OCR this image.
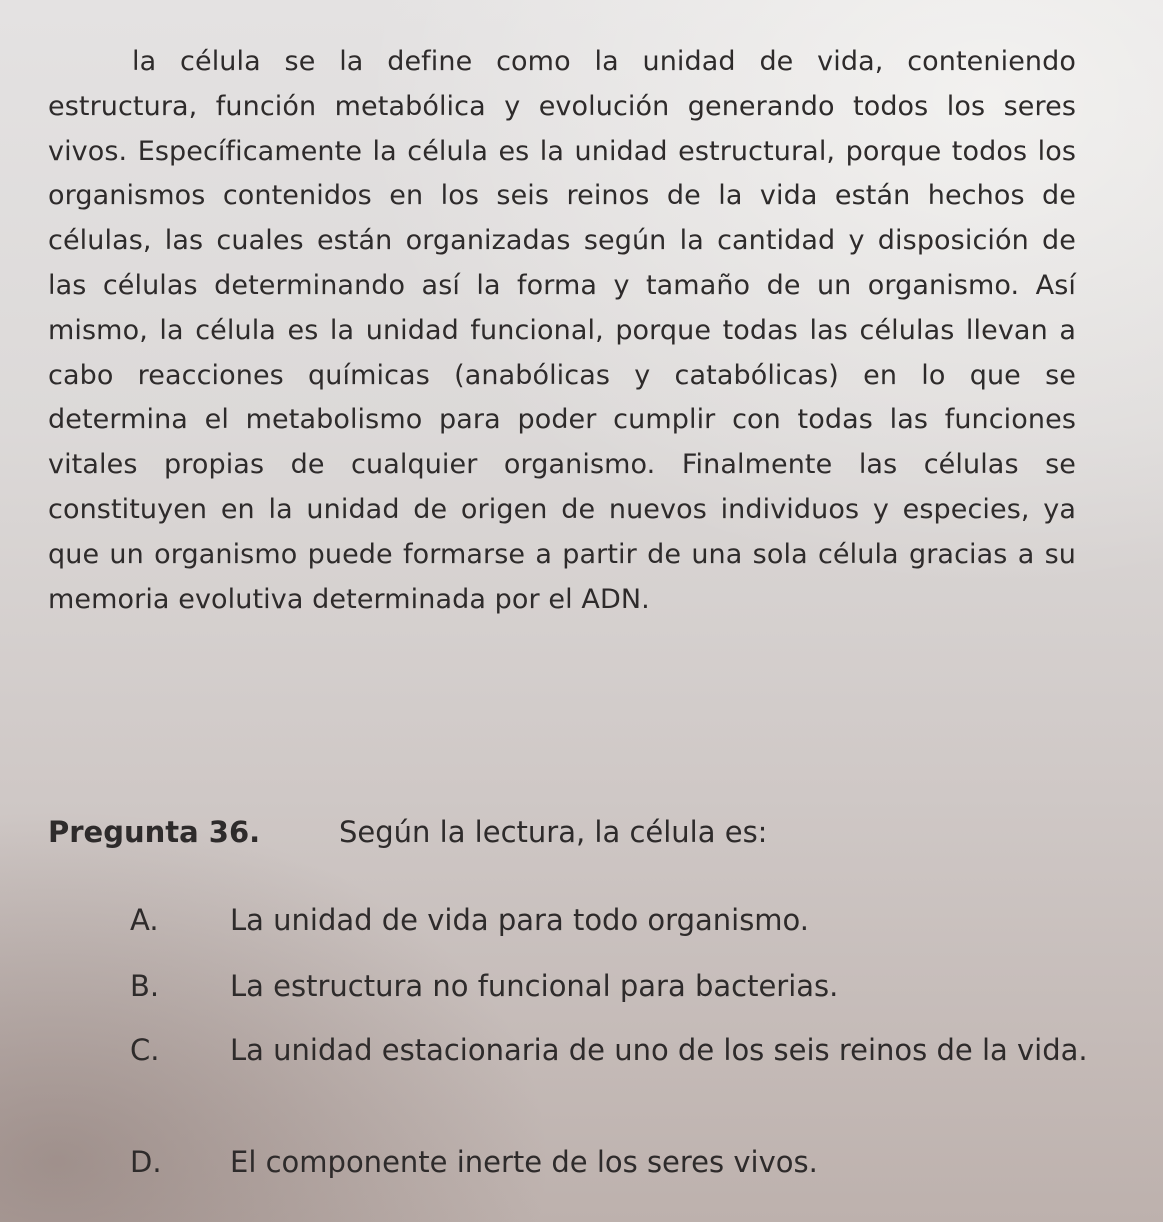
la célula se la define como la unidad de vida, conteniendo estructura, función metabólica y evolución generando todos los seres vivos. Específicamente la célula es la unidad estructural, porque todos los organismos contenidos en los seis reinos de la vida están hechos de células, las cuales están organizadas según la cantidad y disposición de las células determinando así la forma y tamaño de un organismo. Así mismo, la célula es la unidad funcional, porque todas las células llevan a cabo reacciones químicas (anabólicas y catabólicas) en lo que se determina el metabolismo para poder cumplir con todas las funciones vitales propias de cualquier organismo. Finalmente las células se constituyen en la unidad de origen de nuevos individuos y especies, ya que un organismo puede formarse a partir de una sola célula gracias a su memoria evolutiva determinada por el ADN.

Pregunta 36.	Según la lectura, la célula es:
A. La unidad de vida para todo organismo.
B. La estructura no funcional para bacterias.
C. La unidad estacionaria de uno de los seis reinos de la vida.
D. El componente inerte de los seres vivos.
